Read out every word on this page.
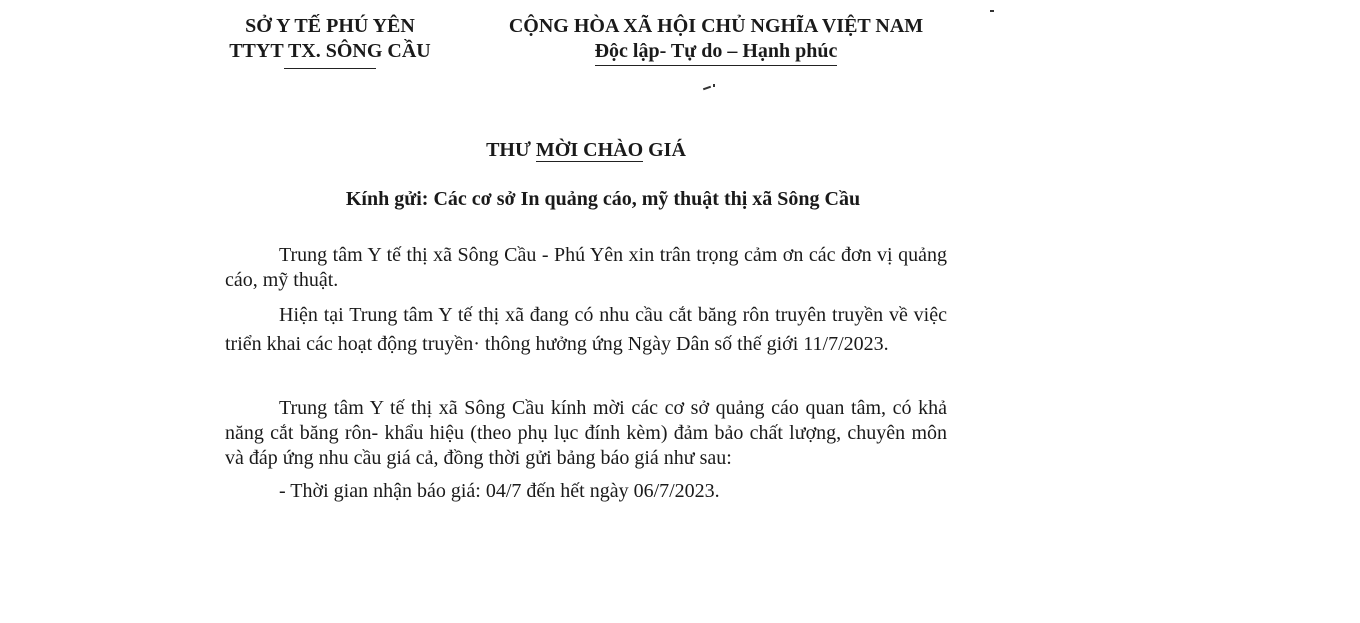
SỞ Y TẾ PHÚ YÊN
TTYT TX. SÔNG CẦU
CỘNG HÒA XÃ HỘI CHỦ NGHĨA VIỆT NAM
Độc lập- Tự do – Hạnh phúc
THƯ MỜI CHÀO GIÁ
Kính gửi: Các cơ sở In quảng cáo, mỹ thuật thị xã Sông Cầu
Trung tâm Y tế thị xã Sông Cầu - Phú Yên xin trân trọng cảm ơn các đơn vị quảng cáo, mỹ thuật.
Hiện tại Trung tâm Y tế thị xã đang có nhu cầu cắt băng rôn truyên truyền về việc triển khai các hoạt động truyền· thông hưởng ứng Ngày Dân số thế giới 11/7/2023.
Trung tâm Y tế thị xã Sông Cầu kính mời các cơ sở quảng cáo quan tâm, có khả năng cắt băng rôn- khẩu hiệu (theo phụ lục đính kèm) đảm bảo chất lượng, chuyên môn và đáp ứng nhu cầu giá cả, đồng thời gửi bảng báo giá như sau:
- Thời gian nhận báo giá: 04/7 đến hết ngày 06/7/2023.
